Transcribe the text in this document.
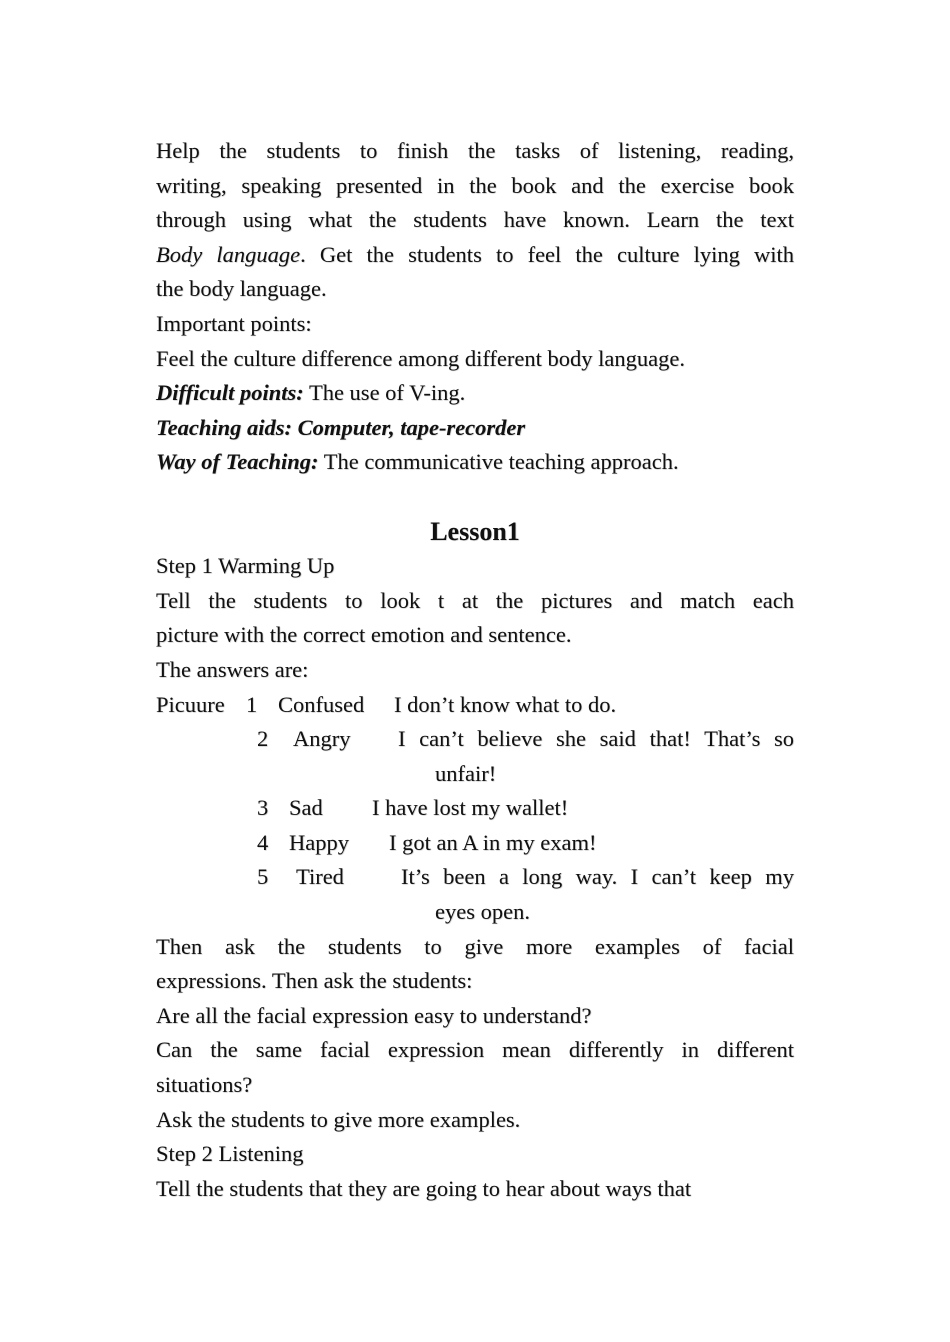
Help the students to finish the tasks of listening, reading,

writing, speaking presented in the book and the exercise book

through using what the students have known. Learn the text

Body language. Get the students to feel the culture lying with

the body language.

Important points:

Feel the culture difference among different body language.

Difficult points: The use of V-ing.

Teaching aids: Computer, tape-recorder

Way of Teaching: The communicative teaching approach.

Lesson1

Step 1 Warming Up

Tell the students to look t at the pictures and match each

picture with the correct emotion and sentence.

The answers are:

Picuure 1 Confused I don’t know what to do.
2 Angry I can’t believe she said that! That’s so
unfair!
3 Sad I have lost my wallet!
4 Happy I got an A in my exam!
5 Tired	It’s been a long way. I can’t keep my
eyes open.

Then ask the students to give more examples of facial

expressions. Then ask the students:

Are all the facial expression easy to understand?

Can the same facial expression mean differently in different

situations?

Ask the students to give more examples.

Step 2 Listening

Tell the students that they are going to hear about ways that
